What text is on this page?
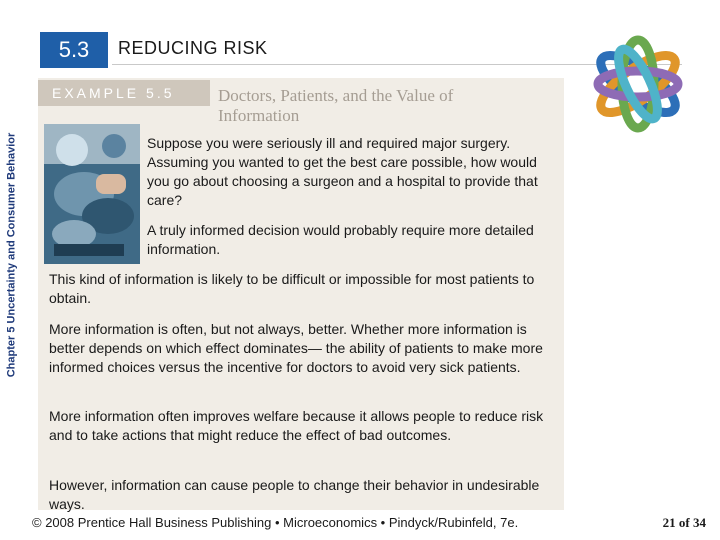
Chapter 5 Uncertainty and Consumer Behavior
5.3	REDUCING RISK
EXAMPLE 5.5	Doctors, Patients, and the Value of Information
Suppose you were seriously ill and required major surgery. Assuming you wanted to get the best care possible, how would you go about choosing a surgeon and a hospital to provide that care?
A truly informed decision would probably require more detailed information.
This kind of information is likely to be difficult or impossible for most patients to obtain.
More information is often, but not always, better. Whether more information is better depends on which effect dominates— the ability of patients to make more informed choices versus the incentive for doctors to avoid very sick patients.
More information often improves welfare because it allows people to reduce risk and to take actions that might reduce the effect of bad outcomes.
However, information can cause people to change their behavior in undesirable ways.
© 2008 Prentice Hall Business Publishing • Microeconomics • Pindyck/Rubinfeld, 7e.	21 of 34
